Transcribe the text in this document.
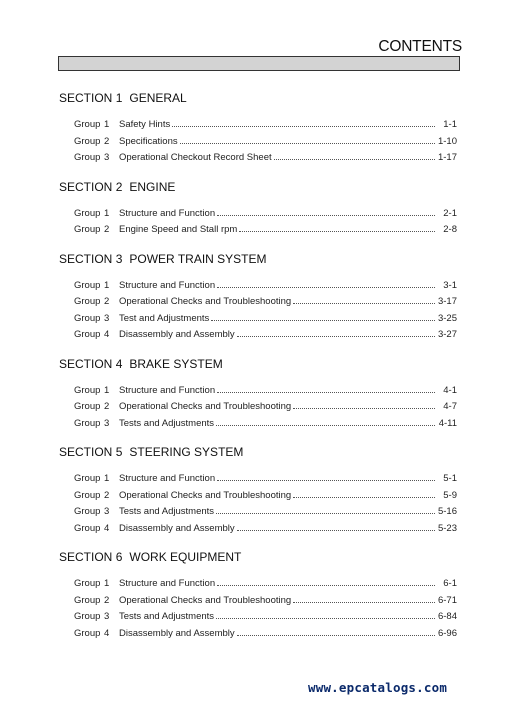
CONTENTS
SECTION 1 GENERAL
Group 1	Safety Hints	1-1
Group 2	Specifications	1-10
Group 3	Operational Checkout Record Sheet	1-17
SECTION 2 ENGINE
Group 1	Structure and Function	2-1
Group 2	Engine Speed and Stall rpm	2-8
SECTION 3 POWER TRAIN SYSTEM
Group 1	Structure and Function	3-1
Group 2	Operational Checks and Troubleshooting	3-17
Group 3	Test and Adjustments	3-25
Group 4	Disassembly and Assembly	3-27
SECTION 4 BRAKE SYSTEM
Group 1	Structure and Function	4-1
Group 2	Operational Checks and Troubleshooting	4-7
Group 3	Tests and Adjustments	4-11
SECTION 5 STEERING SYSTEM
Group 1	Structure and Function	5-1
Group 2	Operational Checks and Troubleshooting	5-9
Group 3	Tests and Adjustments	5-16
Group 4	Disassembly and Assembly	5-23
SECTION 6 WORK EQUIPMENT
Group 1	Structure and Function	6-1
Group 2	Operational Checks and Troubleshooting	6-71
Group 3	Tests and Adjustments	6-84
Group 4	Disassembly and Assembly	6-96
www.epcatalogs.com
